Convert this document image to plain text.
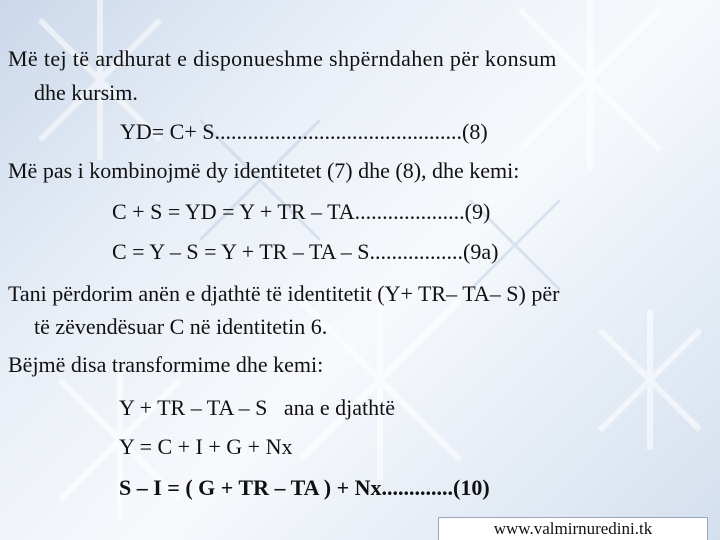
Më tej të ardhurat e disponueshme shpërndahen për konsum
dhe kursim.
YD= C+ S.............................................(8)
Më pas i kombinojmë dy identitetet (7) dhe (8), dhe kemi:
C + S = YD = Y + TR – TA....................(9)
C = Y – S = Y + TR – TA – S.................(9a)
Tani përdorim anën e djathtë të identitetit (Y+ TR– TA– S) për
të zëvendësuar C në identitetin 6.
Bëjmë disa transformime dhe kemi:
Y + TR – TA – S   ana e djathtë
Y = C + I + G + Nx
S – I = ( G + TR – TA ) + Nx.............(10)
www.valmirnuredini.tk
